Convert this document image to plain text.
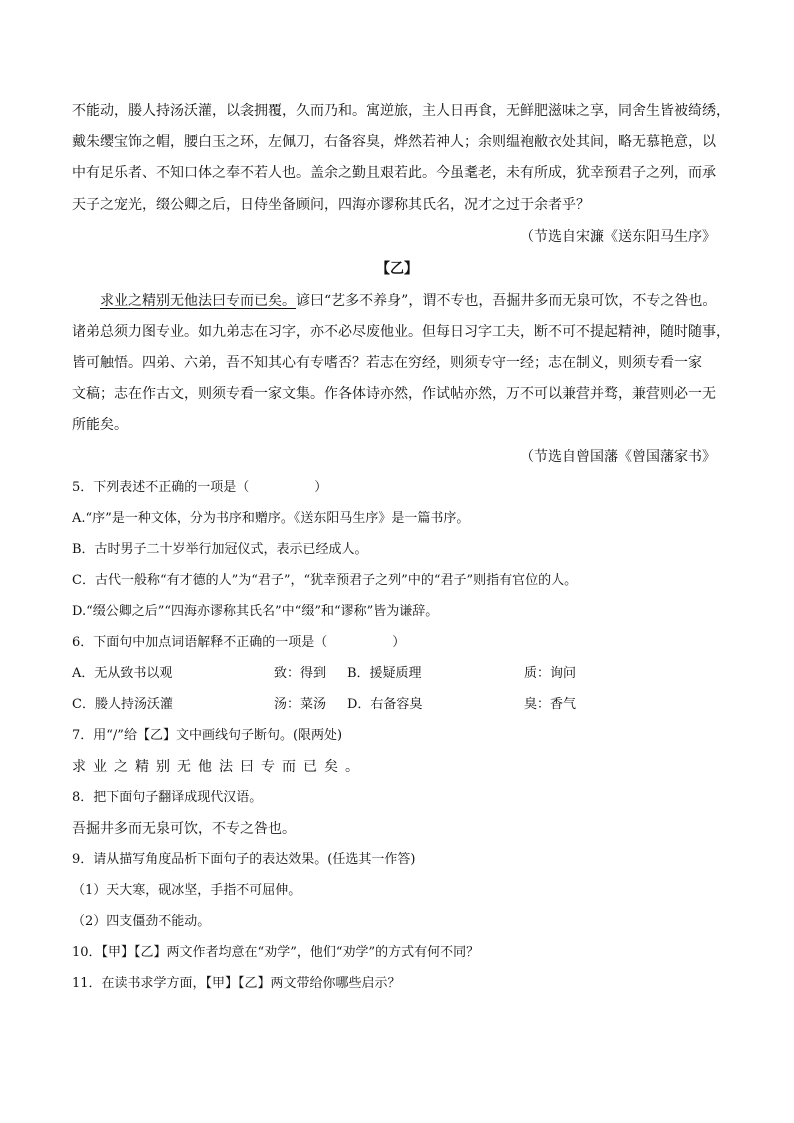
不能动，媵人持汤沃灌，以衾拥覆，久而乃和。寓逆旅，主人日再食，无鲜肥滋味之享，同舍生皆被绮绣，
戴朱缨宝饰之帽，腰白玉之环，左佩刀，右备容臭，烨然若神人；余则缊袍敝衣处其间，略无慕艳意，以
中有足乐者、不知口体之奉不若人也。盖余之勤且艰若此。今虽耄老，未有所成，犹幸预君子之列，而承
天子之宠光，缀公卿之后，日侍坐备顾问，四海亦谬称其氏名，况才之过于余者乎？
（节选自宋濂《送东阳马生序》
【乙】
求业之精别无他法曰专而已矣。谚曰“艺多不养身”，谓不专也，吾掘井多而无泉可饮，不专之咎也。
诸弟总须力图专业。如九弟志在习字，亦不必尽废他业。但每日习字工夫，断不可不提起精神，随时随事，
皆可触悟。四弟、六弟，吾不知其心有专嗜否？若志在穷经，则须专守一经；志在制义，则须专看一家
文稿；志在作古文，则须专看一家文集。作各体诗亦然，作试帖亦然，万不可以兼营并骛，兼营则必一无
所能矣。
（节选自曾国藩《曾国藩家书》
5．下列表述不正确的一项是（　　　　　）
A.“序”是一种文体，分为书序和赠序。《送东阳马生序》是一篇书序。
B．古时男子二十岁举行加冠仪式，表示已经成人。
C．古代一般称“有才德的人”为“君子”，“犹幸预君子之列”中的“君子”则指有官位的人。
D.“缀公卿之后”“四海亦谬称其氏名”中“缀”和“谬称”皆为谦辞。
6．下面句中加点词语解释不正确的一项是（　　　　　）
A．无从致书以观	致：得到 B．援疑质理	质：询问
C．媵人持汤沃灌	汤：菜汤 D．右备容臭	臭：香气
7．用“/”给【乙】文中画线句子断句。(限两处)
求业之精别无他法曰专而已矣。
8．把下面句子翻译成现代汉语。
吾掘井多而无泉可饮，不专之咎也。
9．请从描写角度品析下面句子的表达效果。(任选其一作答)
（1）天大寒，砚冰坚，手指不可屈伸。
（2）四支僵劲不能动。
10．【甲】【乙】两文作者均意在“劝学”，他们“劝学”的方式有何不同？
11．在读书求学方面，【甲】【乙】两文带给你哪些启示？
